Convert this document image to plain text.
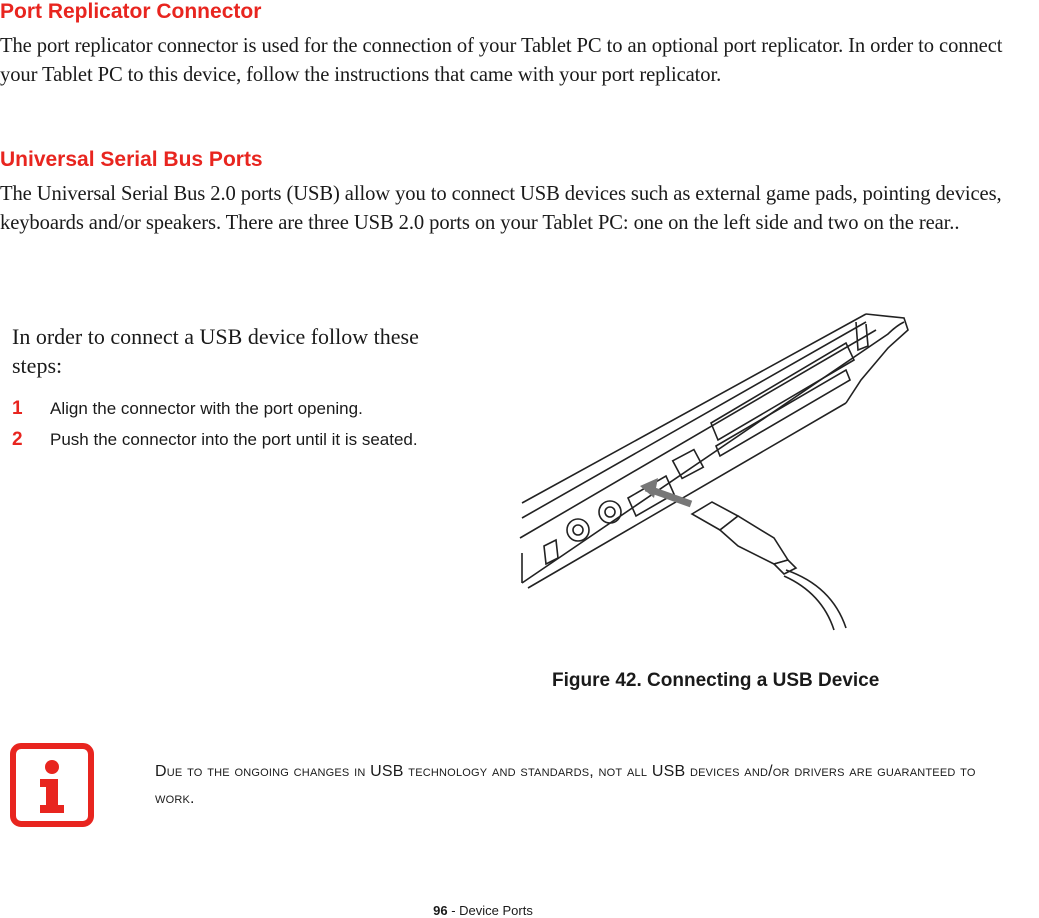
Port Replicator Connector

The port replicator connector is used for the connection of your Tablet PC to an optional port replicator. In order to connect your Tablet PC to this device, follow the instructions that came with your port replicator.

Universal Serial Bus Ports

The Universal Serial Bus 2.0 ports (USB) allow you to connect USB devices such as external game pads, pointing devices, keyboards and/or speakers. There are three USB 2.0 ports on your Tablet PC: one on the left side and two on the rear..

In order to connect a USB device follow these steps:

1 Align the connector with the port opening.
2 Push the connector into the port until it is seated.

Figure 42. Connecting a USB Device

Due to the ongoing changes in USB technology and standards, not all USB devices and/or drivers are guaranteed to work.

96 - Device Ports
